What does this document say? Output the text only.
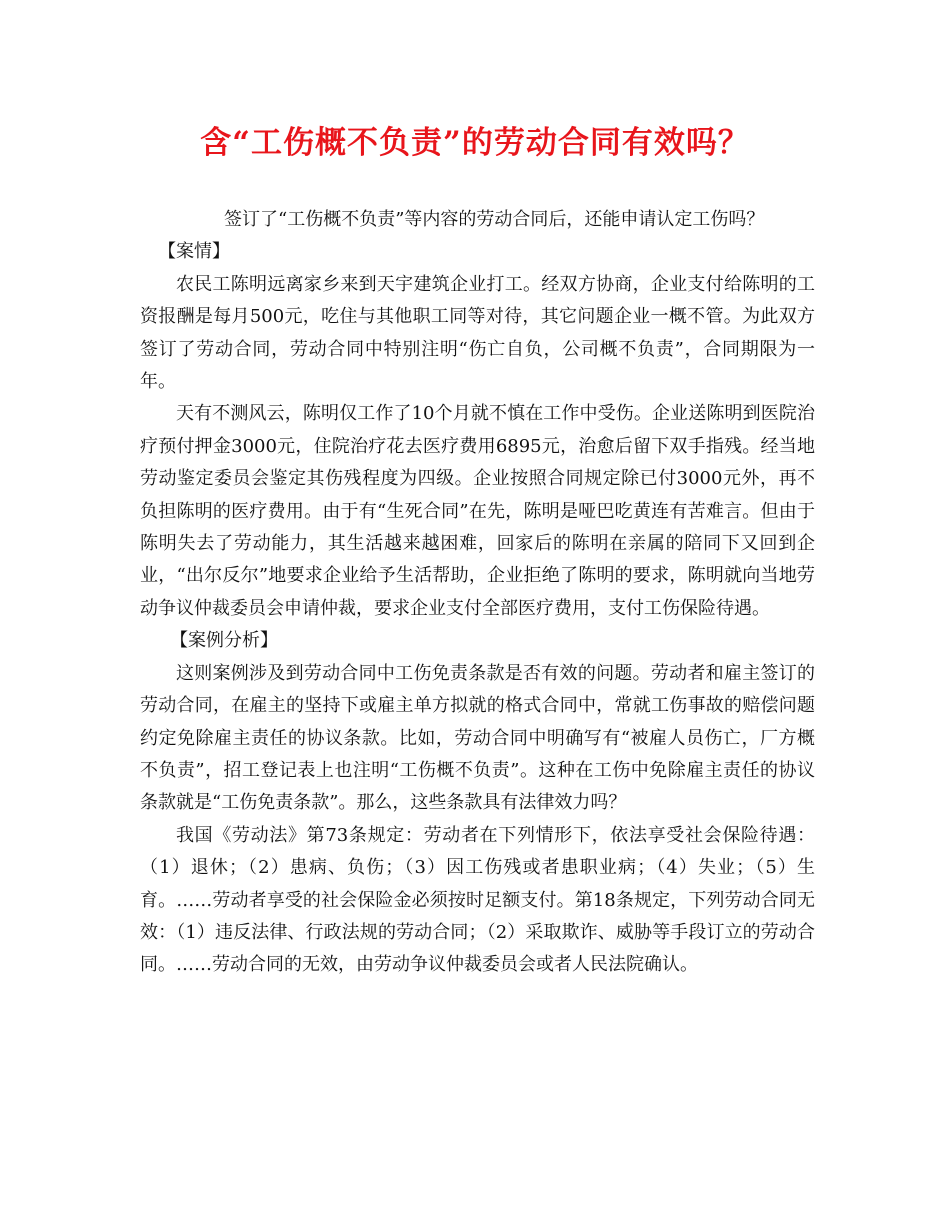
含“工伤概不负责”的劳动合同有效吗？

签订了“工伤概不负责”等内容的劳动合同后，还能申请认定工伤吗？

【案情】

农民工陈明远离家乡来到天宇建筑企业打工。经双方协商，企业支付给陈明的工资报酬是每月500元，吃住与其他职工同等对待，其它问题企业一概不管。为此双方签订了劳动合同，劳动合同中特别注明“伤亡自负，公司概不负责”，合同期限为一年。

天有不测风云，陈明仅工作了10个月就不慎在工作中受伤。企业送陈明到医院治疗预付押金3000元，住院治疗花去医疗费用6895元，治愈后留下双手指残。经当地劳动鉴定委员会鉴定其伤残程度为四级。企业按照合同规定除已付3000元外，再不负担陈明的医疗费用。由于有“生死合同”在先，陈明是哑巴吃黄连有苦难言。但由于陈明失去了劳动能力，其生活越来越困难，回家后的陈明在亲属的陪同下又回到企业，“出尔反尔”地要求企业给予生活帮助，企业拒绝了陈明的要求，陈明就向当地劳动争议仲裁委员会申请仲裁，要求企业支付全部医疗费用，支付工伤保险待遇。

【案例分析】

这则案例涉及到劳动合同中工伤免责条款是否有效的问题。劳动者和雇主签订的劳动合同，在雇主的坚持下或雇主单方拟就的格式合同中，常就工伤事故的赔偿问题约定免除雇主责任的协议条款。比如，劳动合同中明确写有“被雇人员伤亡，厂方概不负责”，招工登记表上也注明“工伤概不负责”。这种在工伤中免除雇主责任的协议条款就是“工伤免责条款”。那么，这些条款具有法律效力吗？

我国《劳动法》第73条规定：劳动者在下列情形下，依法享受社会保险待遇：（1）退休；（2）患病、负伤；（3）因工伤残或者患职业病；（4）失业；（5）生育。……劳动者享受的社会保险金必须按时足额支付。第18条规定，下列劳动合同无效：（1）违反法律、行政法规的劳动合同；（2）采取欺诈、威胁等手段订立的劳动合同。……劳动合同的无效，由劳动争议仲裁委员会或者人民法院确认。
